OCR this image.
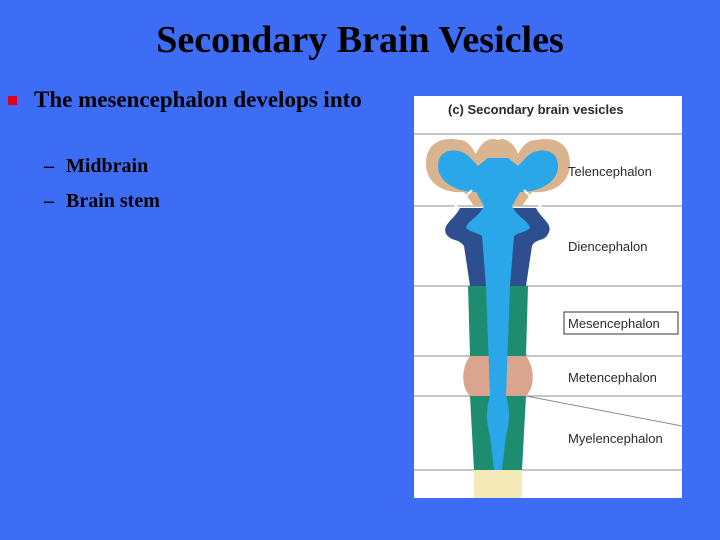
Secondary Brain Vesicles
The mesencephalon develops into
– Midbrain
– Brain stem
(c) Secondary brain vesicles
Telencephalon
Diencephalon
Mesencephalon
Metencephalon
Myelencephalon
